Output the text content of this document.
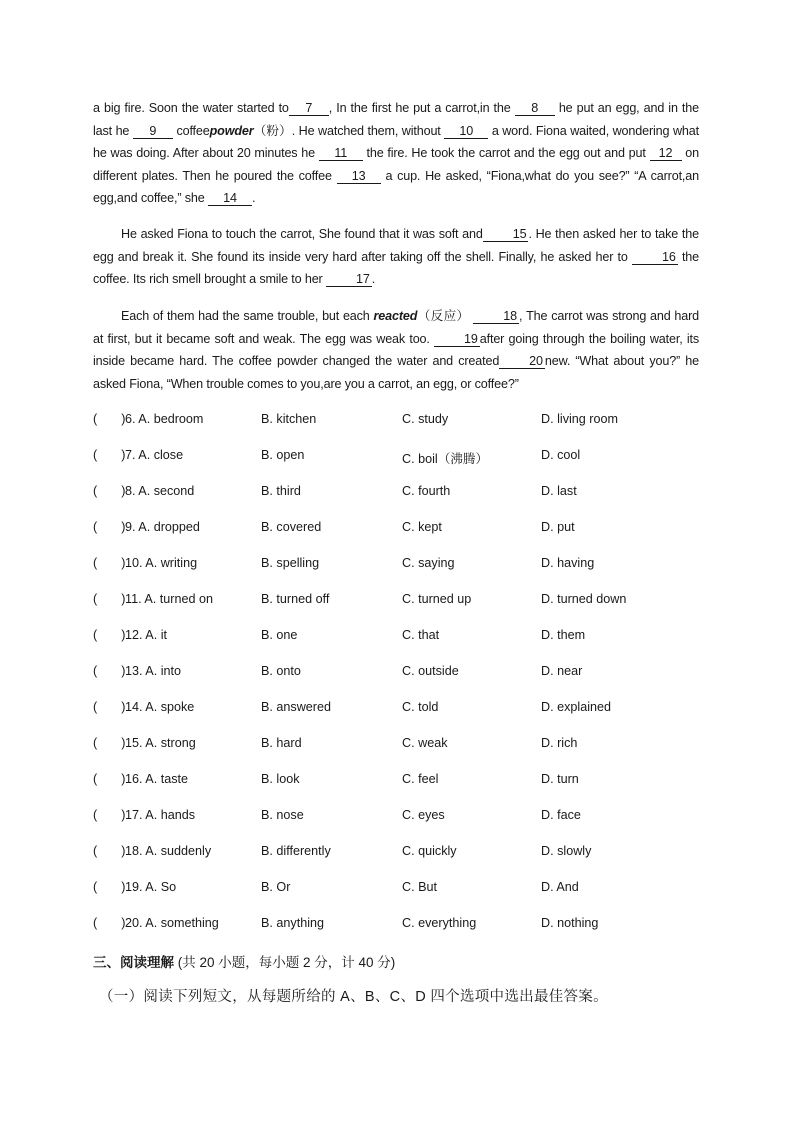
a big fire. Soon the water started to 7 , In the first he put a carrot,in the 8 he put an egg, and in the last he 9 coffeepowder（粉）. He watched them, without 10 a word. Fiona waited, wondering what he was doing. After about 20 minutes he 11 the fire. He took the carrot and the egg out and put 12 on different plates. Then he poured the coffee 13 a cup. He asked, “Fiona,what do you see?” “A carrot,an egg,and coffee,” she 14 .
He asked Fiona to touch the carrot, She found that it was soft and 15 . He then asked her to take the egg and break it. She found its inside very hard after taking off the shell. Finally, he asked her to	16 the coffee. Its rich smell brought a smile to her	17 .
Each of them had the same trouble, but each reacted（反应）	18 , The carrot was strong and hard at first, but it became soft and weak. The egg was weak too.	19 after going through the boiling water, its inside became hard. The coffee powder changed the water and created 20 new. “What about you?” he asked Fiona, “When trouble comes to you,are you a carrot, an egg, or coffee?”
( ) 6. A. bedroom	B. kitchen	C. study	D. living room
( ) 7. A. close	B. open	C. boil（沸腾）	D. cool
( ) 8. A. second	B. third	C. fourth	D. last
( ) 9. A. dropped	B. covered	C. kept	D. put
( ) 10. A. writing	B. spelling	C. saying	D. having
( ) 11. A. turned on	B. turned off	C. turned up	D. turned down
( ) 12. A. it	B. one	C. that	D. them
( ) 13. A. into	B. onto	C. outside	D. near
( ) 14. A. spoke	B. answered	C. told	D. explained
( ) 15. A. strong	B. hard	C. weak	D. rich
( ) 16. A. taste	B. look	C. feel	D. turn
( ) 17. A. hands	B. nose	C. eyes	D. face
( ) 18. A. suddenly	B. differently	C. quickly	D. slowly
( ) 19. A. So	B. Or	C. But	D. And
( ) 20. A. something	B. anything	C. everything	D. nothing
三、阅读理解 (共 20 小题，每小题 2 分，计 40 分)
（一）阅读下列短文，从每题所给的 A、B、C、D 四个选项中选出最佳答案。
